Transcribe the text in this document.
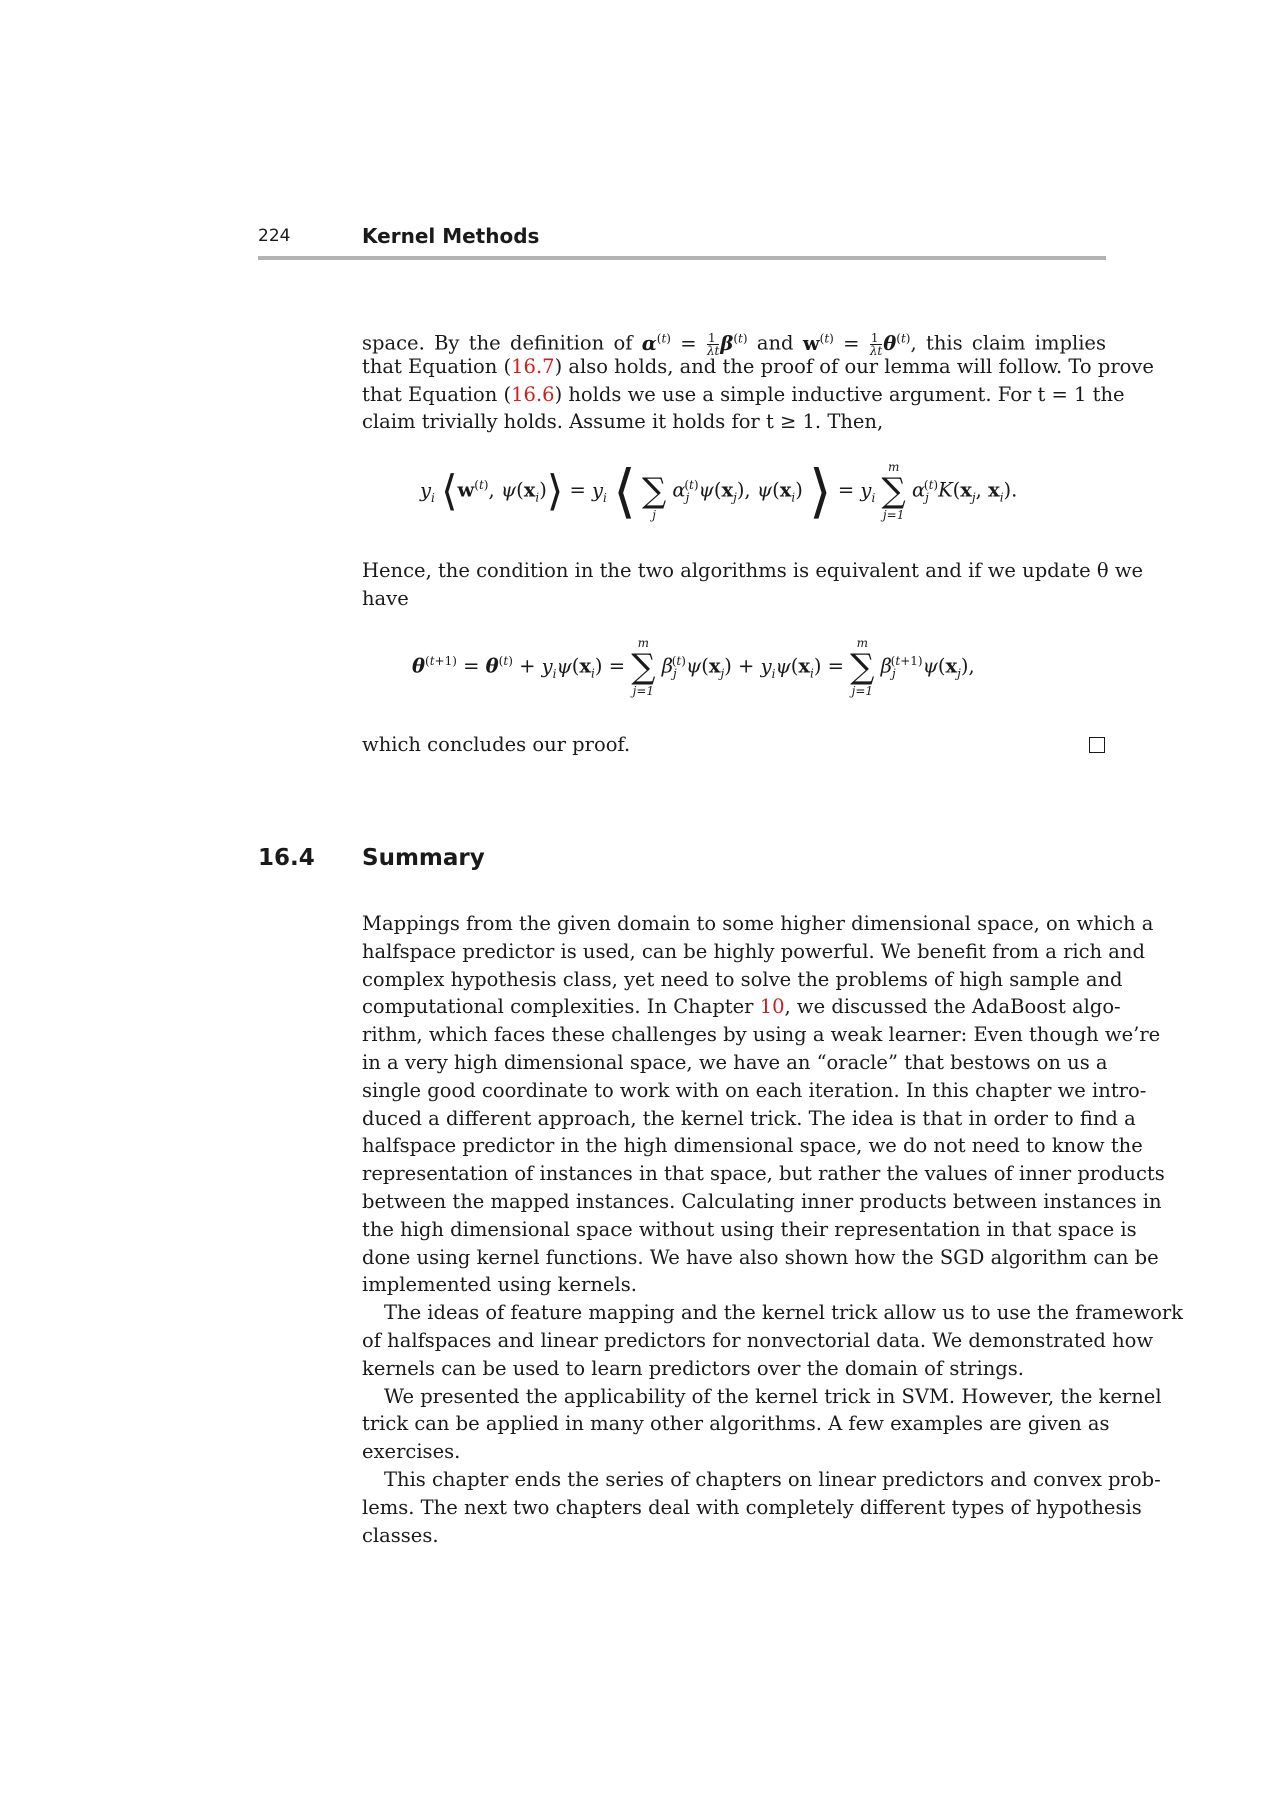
224	Kernel Methods
space. By the definition of $\alpha^{(t)} = \frac{1}{\lambda t} \beta^{(t)}$ and $w^{(t)} = \frac{1}{\lambda t} \theta^{(t)}$, this claim implies
that Equation (16.7) also holds, and the proof of our lemma will follow. To prove
that Equation (16.6) holds we use a simple inductive argument. For t = 1 the
claim trivially holds. Assume it holds for t ≥ 1. Then,
$y_i$ $⟨w^{(t)}$, $\psi(x_i)⟩ = y_i$ ⟨
∑
j
$\alpha_j^{(t)}\psi(x_j)$, $\psi(x_i)$ ⟩ = $y_i$
m
∑
j=1
$\alpha_j^{(t)}K(x_j$, $x_i$).
Hence, the condition in the two algorithms is equivalent and if we update θ we
have
$\theta^{(t+1)} = \theta^{(t)} + y_i\psi(x_i)$ =
m
∑
j=1
$\beta_j^{(t)}\psi(x_j) + y_i\psi(x_i)$ =
m
∑
j=1
$\beta_j^{(t+1)}\psi(x_j)$,
which concludes our proof.
16.4 Summary
Mappings from the given domain to some higher dimensional space, on which a
halfspace predictor is used, can be highly powerful. We benefit from a rich and
complex hypothesis class, yet need to solve the problems of high sample and
computational complexities. In Chapter 10, we discussed the AdaBoost algo-
rithm, which faces these challenges by using a weak learner: Even though we’re
in a very high dimensional space, we have an “oracle” that bestows on us a
single good coordinate to work with on each iteration. In this chapter we intro-
duced a different approach, the kernel trick. The idea is that in order to find a
halfspace predictor in the high dimensional space, we do not need to know the
representation of instances in that space, but rather the values of inner products
between the mapped instances. Calculating inner products between instances in
the high dimensional space without using their representation in that space is
done using kernel functions. We have also shown how the SGD algorithm can be
implemented using kernels.
The ideas of feature mapping and the kernel trick allow us to use the framework
of halfspaces and linear predictors for nonvectorial data. We demonstrated how
kernels can be used to learn predictors over the domain of strings.
We presented the applicability of the kernel trick in SVM. However, the kernel
trick can be applied in many other algorithms. A few examples are given as
exercises.
This chapter ends the series of chapters on linear predictors and convex prob-
lems. The next two chapters deal with completely different types of hypothesis
classes.
